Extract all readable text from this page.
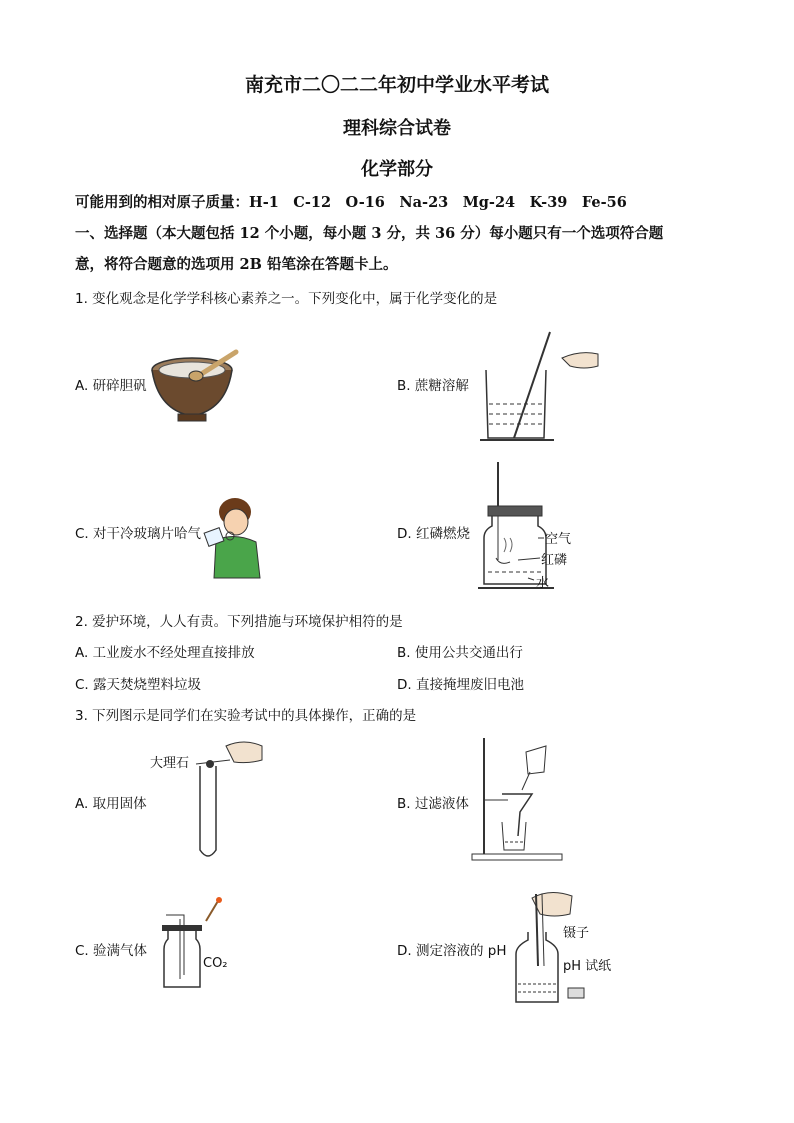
南充市二〇二二年初中学业水平考试
理科综合试卷
化学部分
可能用到的相对原子质量：H-1　C-12　O-16　Na-23　Mg-24　K-39　Fe-56
一、选择题（本大题包括 12 个小题，每小题 3 分，共 36 分）每小题只有一个选项符合题
意，将符合题意的选项用 2B 铅笔涂在答题卡上。
1. 变化观念是化学学科核心素养之一。下列变化中，属于化学变化的是
A. 研碎胆矾	B. 蔗糖溶解
C. 对干冷玻璃片哈气	D. 红磷燃烧	空气
红磷
水
2. 爱护环境，人人有责。下列措施与环境保护相符的是
A. 工业废水不经处理直接排放	B. 使用公共交通出行
C. 露天焚烧塑料垃圾	D. 直接掩埋废旧电池
3. 下列图示是同学们在实验考试中的具体操作，正确的是
A. 取用固体
大理石
B. 过滤液体
C. 验满气体
CO₂
D. 测定溶液的 pH
镊子
pH 试纸
